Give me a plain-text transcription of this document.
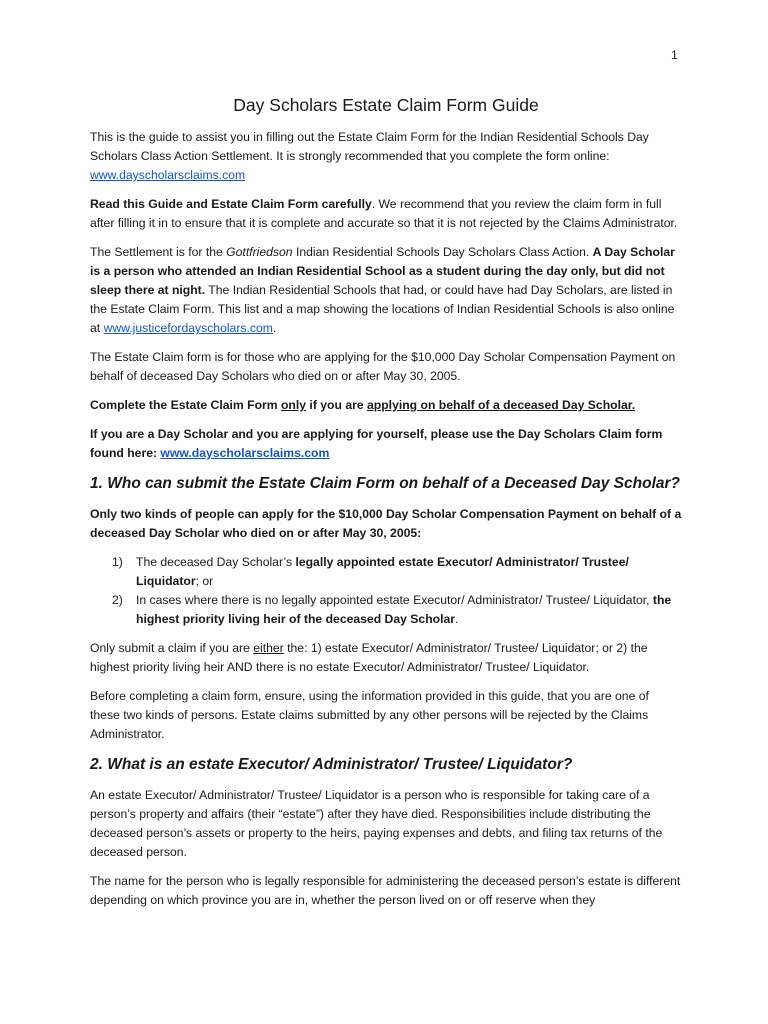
1
Day Scholars Estate Claim Form Guide

This is the guide to assist you in filling out the Estate Claim Form for the Indian Residential Schools Day Scholars Class Action Settlement. It is strongly recommended that you complete the form online: www.dayscholarsclaims.com

Read this Guide and Estate Claim Form carefully. We recommend that you review the claim form in full after filling it in to ensure that it is complete and accurate so that it is not rejected by the Claims Administrator.

The Settlement is for the Gottfriedson Indian Residential Schools Day Scholars Class Action. A Day Scholar is a person who attended an Indian Residential School as a student during the day only, but did not sleep there at night. The Indian Residential Schools that had, or could have had Day Scholars, are listed in the Estate Claim Form. This list and a map showing the locations of Indian Residential Schools is also online at www.justicefordayscholars.com.

The Estate Claim form is for those who are applying for the $10,000 Day Scholar Compensation Payment on behalf of deceased Day Scholars who died on or after May 30, 2005.

Complete the Estate Claim Form only if you are applying on behalf of a deceased Day Scholar.

If you are a Day Scholar and you are applying for yourself, please use the Day Scholars Claim form found here: www.dayscholarsclaims.com

1. Who can submit the Estate Claim Form on behalf of a Deceased Day Scholar?

Only two kinds of people can apply for the $10,000 Day Scholar Compensation Payment on behalf of a deceased Day Scholar who died on or after May 30, 2005:

1) The deceased Day Scholar’s legally appointed estate Executor/ Administrator/ Trustee/ Liquidator; or
2) In cases where there is no legally appointed estate Executor/ Administrator/ Trustee/ Liquidator, the highest priority living heir of the deceased Day Scholar.

Only submit a claim if you are either the: 1) estate Executor/ Administrator/ Trustee/ Liquidator; or 2) the highest priority living heir AND there is no estate Executor/ Administrator/ Trustee/ Liquidator.

Before completing a claim form, ensure, using the information provided in this guide, that you are one of these two kinds of persons. Estate claims submitted by any other persons will be rejected by the Claims Administrator.

2. What is an estate Executor/ Administrator/ Trustee/ Liquidator?

An estate Executor/ Administrator/ Trustee/ Liquidator is a person who is responsible for taking care of a person’s property and affairs (their “estate”) after they have died. Responsibilities include distributing the deceased person’s assets or property to the heirs, paying expenses and debts, and filing tax returns of the deceased person.

The name for the person who is legally responsible for administering the deceased person’s estate is different depending on which province you are in, whether the person lived on or off reserve when they
